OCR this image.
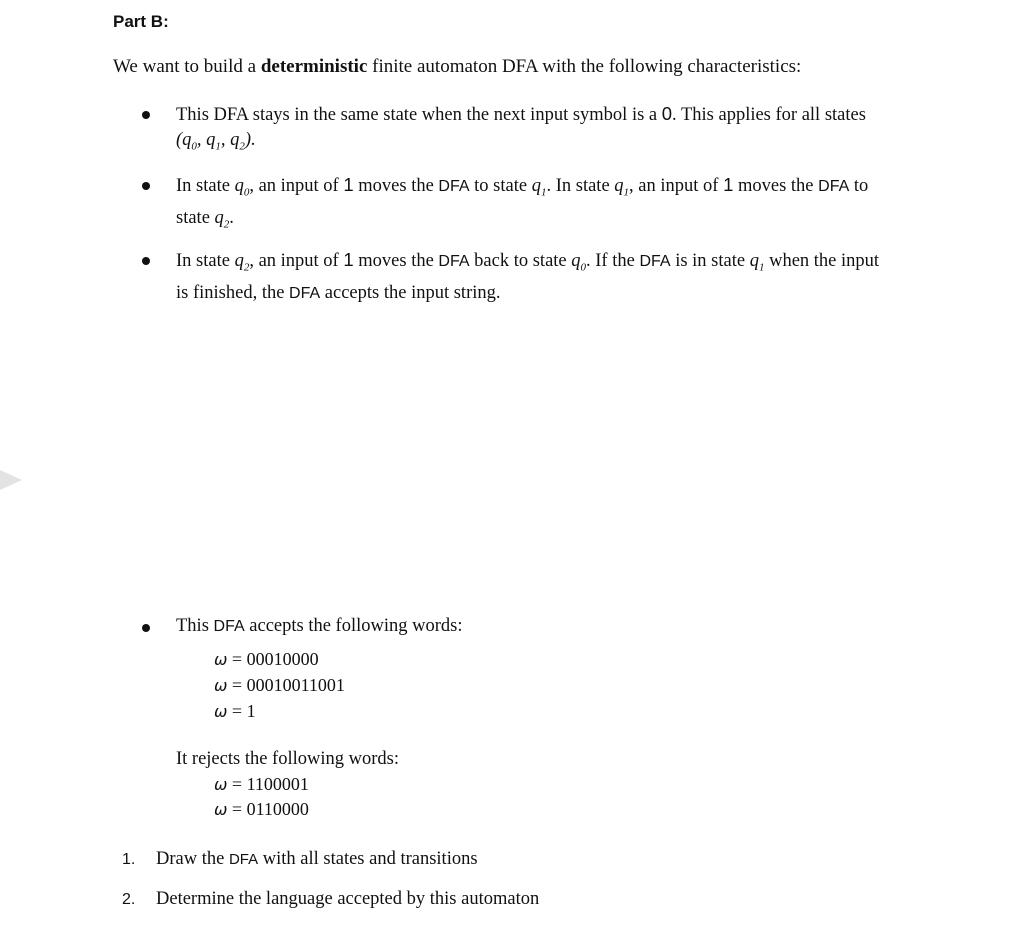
Part B:
We want to build a deterministic finite automaton DFA with the following characteristics:
This DFA stays in the same state when the next input symbol is a 0. This applies for all states
($q_0$, $q_1$, $q_2$).
In state $q_0$, an input of 1 moves the DFA to state $q_1$. In state $q_1$, an input of 1 moves the DFA to
state $q_2$.
In state $q_2$, an input of 1 moves the DFA back to state $q_0$. If the DFA is in state $q_1$ when the input
is finished, the DFA accepts the input string.
This DFA accepts the following words:
ω = 00010000
ω = 00010011001
ω = 1
It rejects the following words:
ω = 1100001
ω = 0110000
1. Draw the DFA with all states and transitions
2. Determine the language accepted by this automaton
